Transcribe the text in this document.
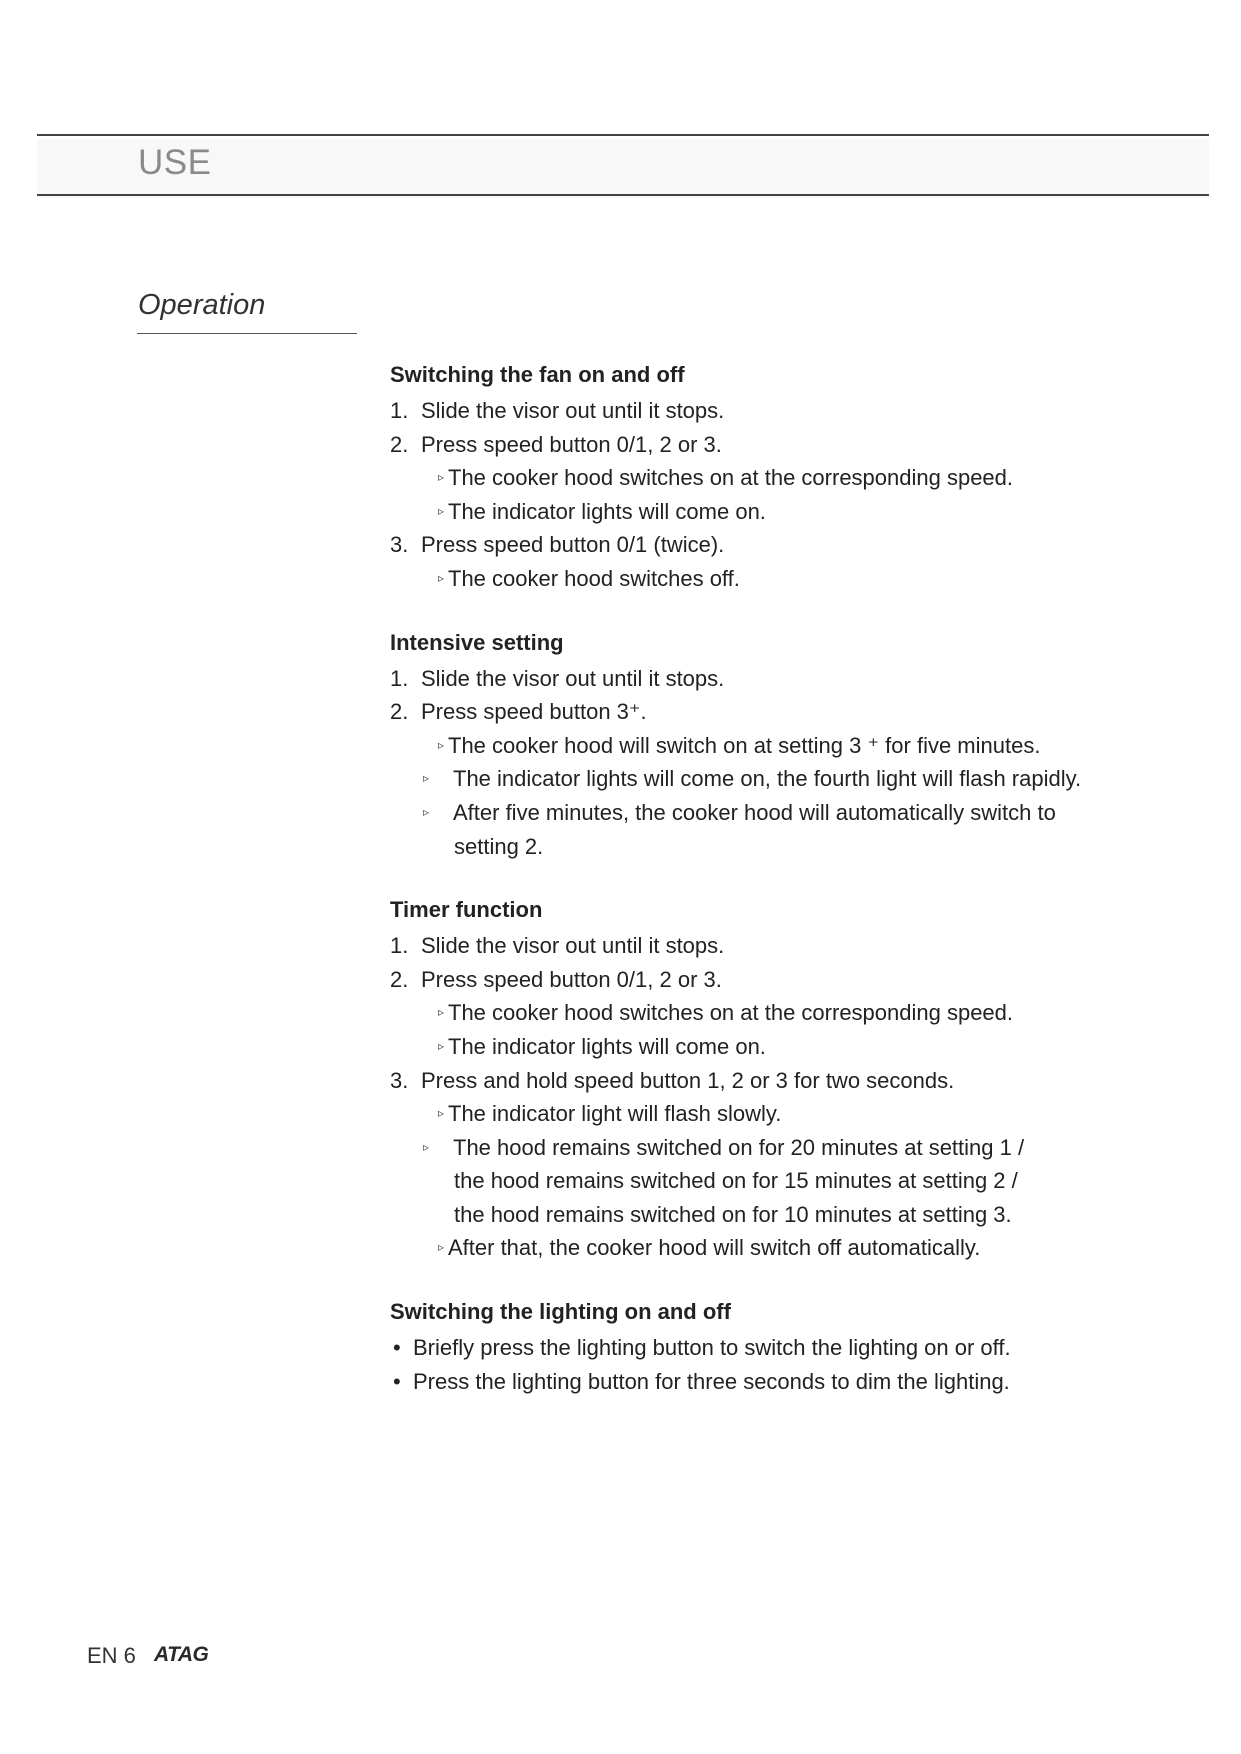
USE
Operation
Switching the fan on and off
1. Slide the visor out until it stops.
2. Press speed button 0/1, 2 or 3.
▹ The cooker hood switches on at the corresponding speed.
▹ The indicator lights will come on.
3. Press speed button 0/1 (twice).
▹ The cooker hood switches off.
Intensive setting
1. Slide the visor out until it stops.
2. Press speed button 3⁺.
▹ The cooker hood will switch on at setting 3 ⁺ for five minutes.
▹ The indicator lights will come on, the fourth light will flash rapidly.
▹ After five minutes, the cooker hood will automatically switch to
setting 2.
Timer function
1. Slide the visor out until it stops.
2. Press speed button 0/1, 2 or 3.
▹ The cooker hood switches on at the corresponding speed.
▹ The indicator lights will come on.
3. Press and hold speed button 1, 2 or 3 for two seconds.
▹ The indicator light will flash slowly.
▹ The hood remains switched on for 20 minutes at setting 1 /
the hood remains switched on for 15 minutes at setting 2 /
the hood remains switched on for 10 minutes at setting 3.
▹ After that, the cooker hood will switch off automatically.
Switching the lighting on and off
• Briefly press the lighting button to switch the lighting on or off.
• Press the lighting button for three seconds to dim the lighting.
EN 6 ATAG
